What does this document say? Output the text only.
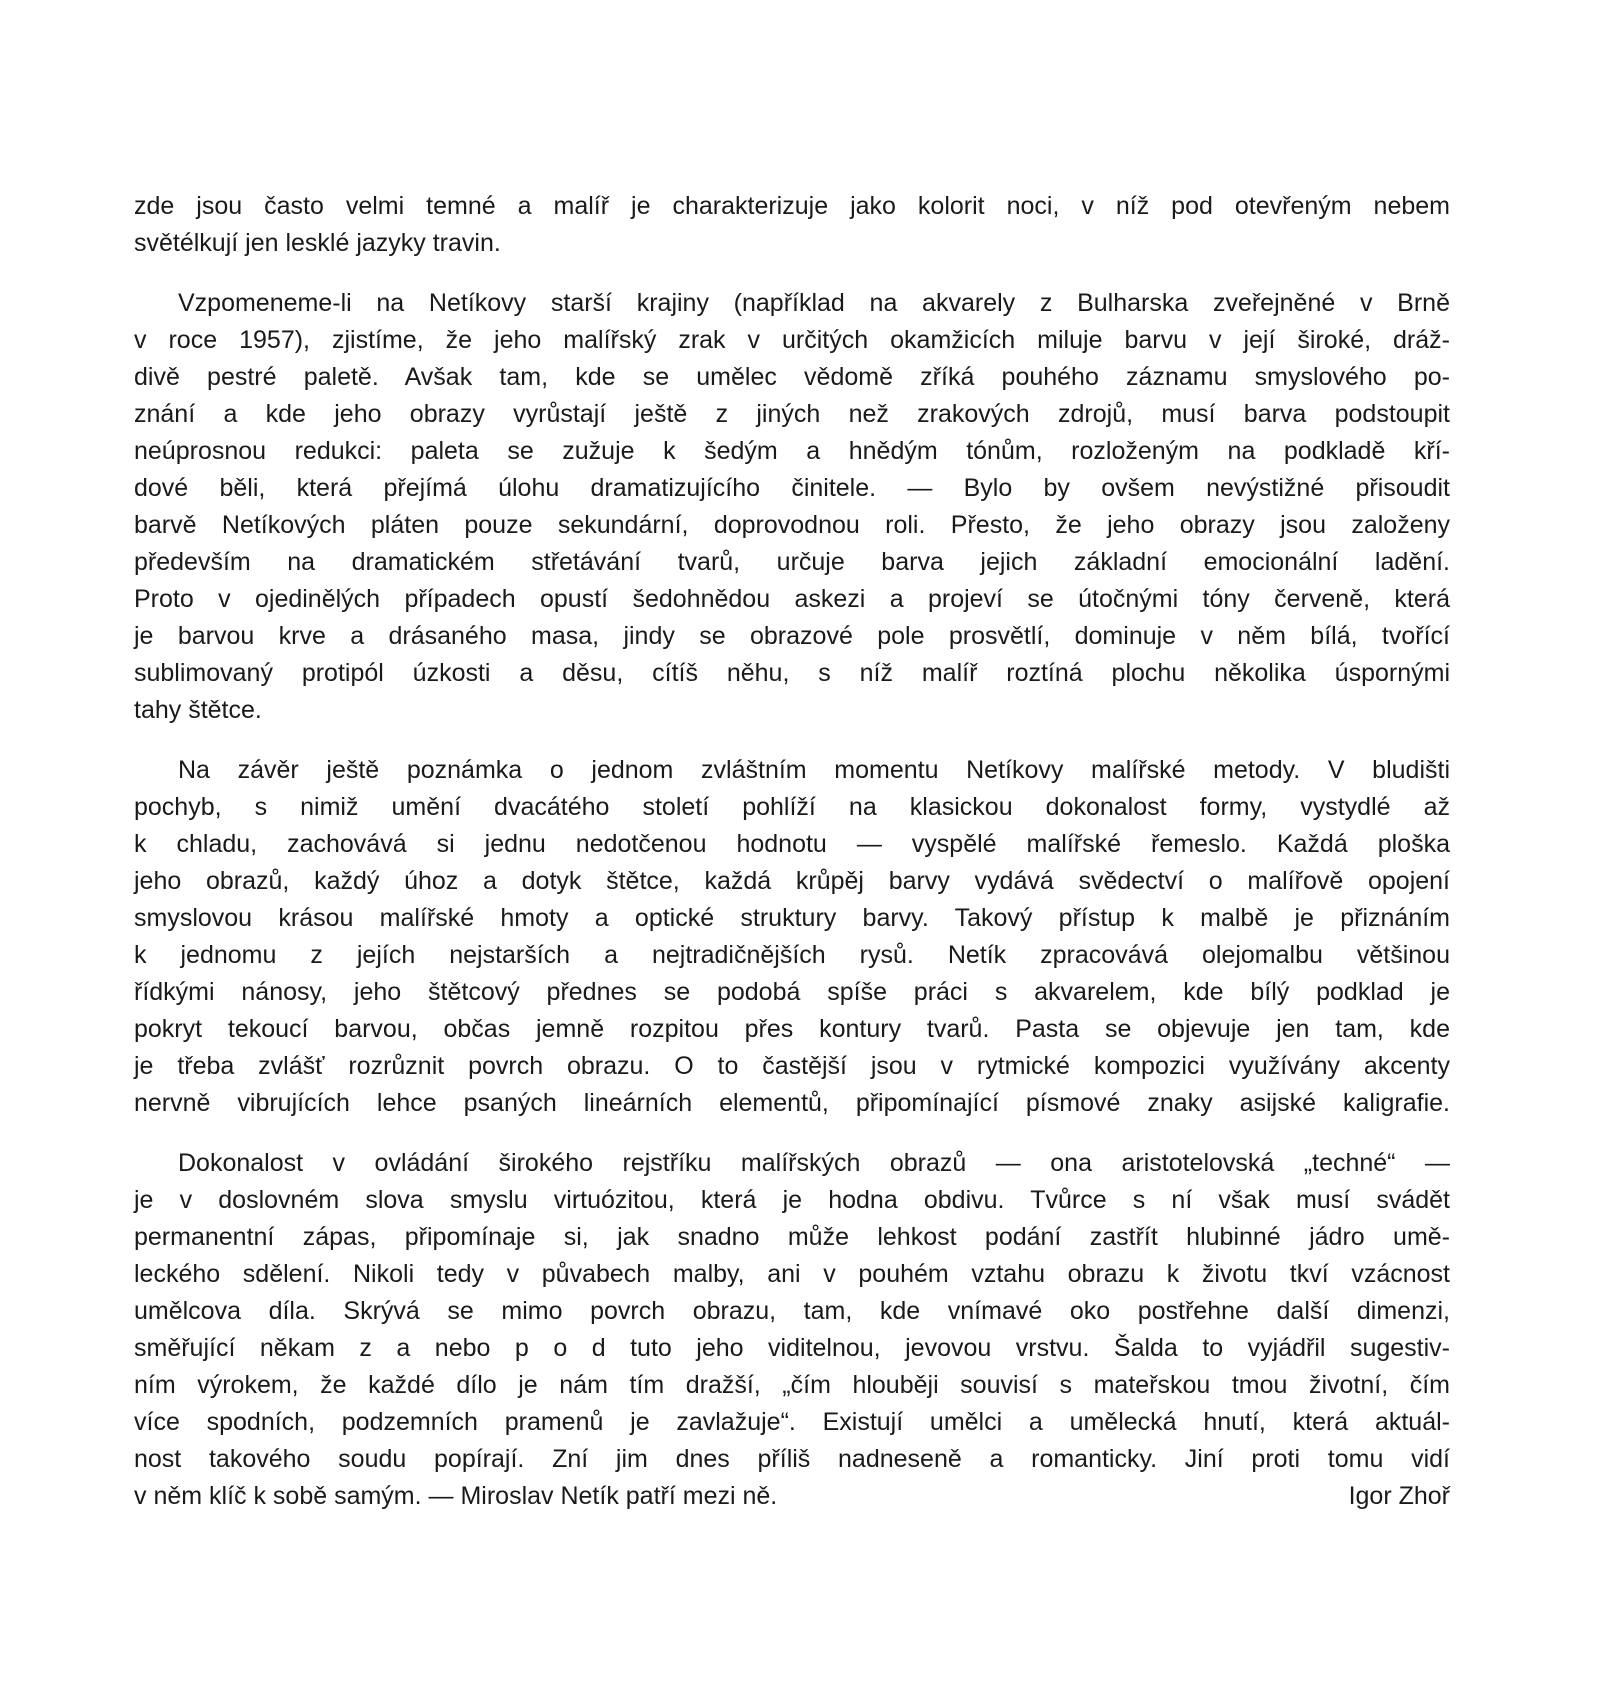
zde jsou často velmi temné a malíř je charakterizuje jako kolorit noci, v níž pod otevřeným nebem
světélkují jen lesklé jazyky travin.
Vzpomeneme-li na Netíkovy starší krajiny (například na akvarely z Bulharska zveřejněné v Brně
v roce 1957), zjistíme, že jeho malířský zrak v určitých okamžicích miluje barvu v její široké, dráž-
divě pestré paletě. Avšak tam, kde se umělec vědomě zříká pouhého záznamu smyslového po-
znání a kde jeho obrazy vyrůstají ještě z jiných než zrakových zdrojů, musí barva podstoupit
neúprosnou redukci: paleta se zužuje k šedým a hnědým tónům, rozloženým na podkladě kří-
dové běli, která přejímá úlohu dramatizujícího činitele. — Bylo by ovšem nevýstižné přisoudit
barvě Netíkových pláten pouze sekundární, doprovodnou roli. Přesto, že jeho obrazy jsou založeny
především na dramatickém střetávání tvarů, určuje barva jejich základní emocionální ladění.
Proto v ojedinělých případech opustí šedohnědou askezi a projeví se útočnými tóny červeně, která
je barvou krve a drásaného masa, jindy se obrazové pole prosvětlí, dominuje v něm bílá, tvořící
sublimovaný protipól úzkosti a děsu, cítíš něhu, s níž malíř roztíná plochu několika úspornými
tahy štětce.
Na závěr ještě poznámka o jednom zvláštním momentu Netíkovy malířské metody. V bludišti
pochyb, s nimiž umění dvacátého století pohlíží na klasickou dokonalost formy, vystydlé až
k chladu, zachovává si jednu nedotčenou hodnotu — vyspělé malířské řemeslo. Každá ploška
jeho obrazů, každý úhoz a dotyk štětce, každá krůpěj barvy vydává svědectví o malířově opojení
smyslovou krásou malířské hmoty a optické struktury barvy. Takový přístup k malbě je přiznáním
k jednomu z jejích nejstarších a nejtradičnějších rysů. Netík zpracovává olejomalbu většinou
řídkými nánosy, jeho štětcový přednes se podobá spíše práci s akvarelem, kde bílý podklad je
pokryt tekoucí barvou, občas jemně rozpitou přes kontury tvarů. Pasta se objevuje jen tam, kde
je třeba zvlášť rozrůznit povrch obrazu. O to častější jsou v rytmické kompozici využívány akcenty
nervně vibrujících lehce psaných lineárních elementů, připomínající písmové znaky asijské kaligrafie.
Dokonalost v ovládání širokého rejstříku malířských obrazů — ona aristotelovská „techné“ —
je v doslovném slova smyslu virtuózitou, která je hodna obdivu. Tvůrce s ní však musí svádět
permanentní zápas, připomínaje si, jak snadno může lehkost podání zastřít hlubinné jádro umě-
leckého sdělení. Nikoli tedy v půvabech malby, ani v pouhém vztahu obrazu k životu tkví vzácnost
umělcova díla. Skrývá se mimo povrch obrazu, tam, kde vnímavé oko postřehne další dimenzi,
směřující někam z a nebo p o d tuto jeho viditelnou, jevovou vrstvu. Šalda to vyjádřil sugestiv-
ním výrokem, že každé dílo je nám tím dražší, „čím hlouběji souvisí s mateřskou tmou životní, čím
více spodních, podzemních pramenů je zavlažuje“. Existují umělci a umělecká hnutí, která aktuál-
nost takového soudu popírají. Zní jim dnes příliš nadneseně a romanticky. Jiní proti tomu vidí
v něm klíč k sobě samým. — Miroslav Netík patří mezi ně.	Igor Zhoř
